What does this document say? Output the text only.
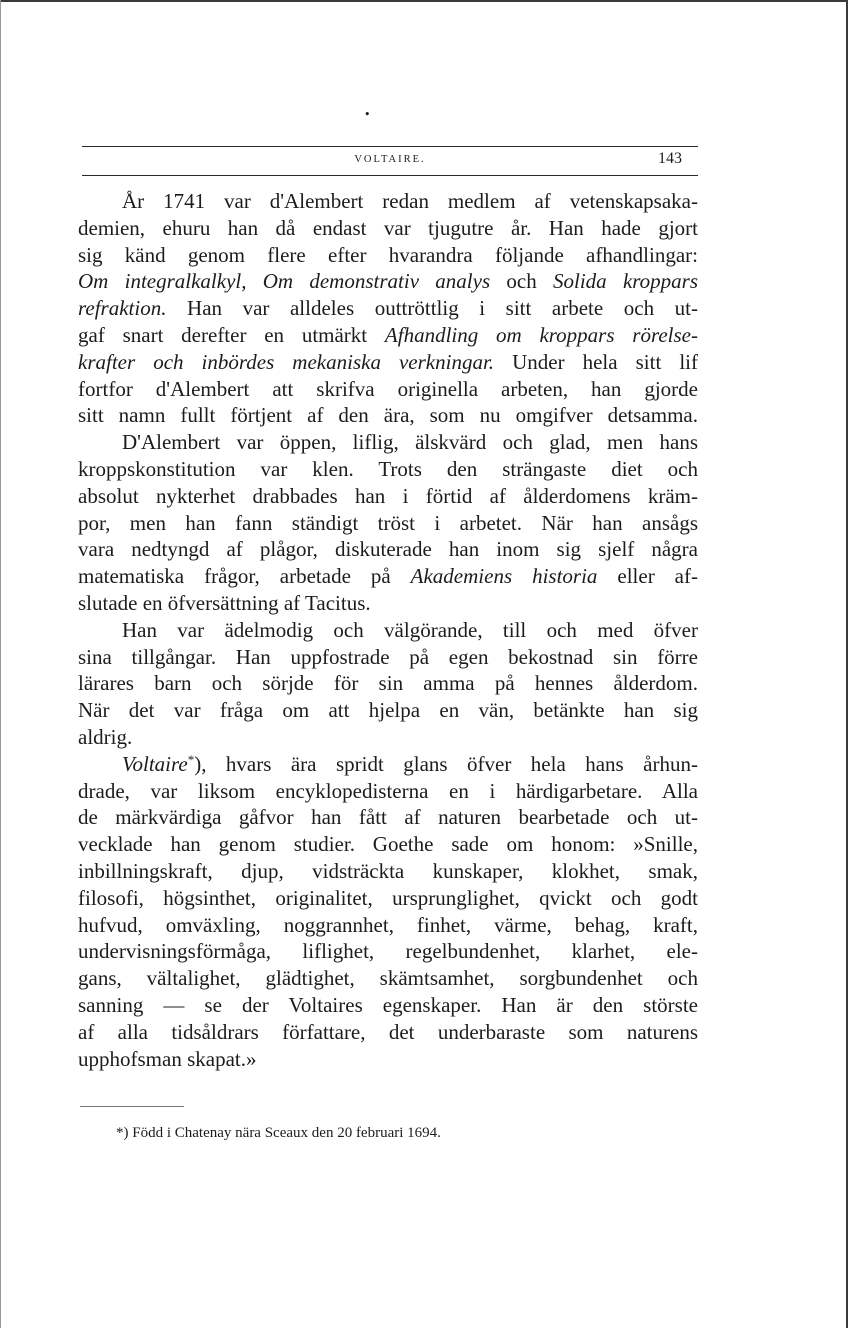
•
VOLTAIRE.	143
År 1741 var d'Alembert redan medlem af vetenskapsaka-
demien, ehuru han då endast var tjugutre år. Han hade gjort
sig känd genom flere efter hvarandra följande afhandlingar:
Om integralkalkyl, Om demonstrativ analys och Solida kroppars
refraktion. Han var alldeles outtröttlig i sitt arbete och ut-
gaf snart derefter en utmärkt Afhandling om kroppars rörelse-
krafter och inbördes mekaniska verkningar. Under hela sitt lif
fortfor d'Alembert att skrifva originella arbeten, han gjorde
sitt namn fullt förtjent af den ära, som nu omgifver detsamma.
D'Alembert var öppen, liflig, älskvärd och glad, men hans
kroppskonstitution var klen. Trots den strängaste diet och
absolut nykterhet drabbades han i förtid af ålderdomens kräm-
por, men han fann ständigt tröst i arbetet. När han ansågs
vara nedtyngd af plågor, diskuterade han inom sig sjelf några
matematiska frågor, arbetade på Akademiens historia eller af-
slutade en öfversättning af Tacitus.
Han var ädelmodig och välgörande, till och med öfver
sina tillgångar. Han uppfostrade på egen bekostnad sin förre
lärares barn och sörjde för sin amma på hennes ålderdom.
När det var fråga om att hjelpa en vän, betänkte han sig
aldrig.
Voltaire*), hvars ära spridt glans öfver hela hans århun-
drade, var liksom encyklopedisterna en i härdigarbetare. Alla
de märkvärdiga gåfvor han fått af naturen bearbetade och ut-
vecklade han genom studier. Goethe sade om honom: »Snille,
inbillningskraft, djup, vidsträckta kunskaper, klokhet, smak,
filosofi, högsinthet, originalitet, ursprunglighet, qvickt och godt
hufvud, omväxling, noggrannhet, finhet, värme, behag, kraft,
undervisningsförmåga, liflighet, regelbundenhet, klarhet, ele-
gans, vältalighet, glädtighet, skämtsamhet, sorgbundenhet och
sanning — se der Voltaires egenskaper. Han är den störste
af alla tidsåldrars författare, det underbaraste som naturens
upphofsman skapat.»
*) Född i Chatenay nära Sceaux den 20 februari 1694.
